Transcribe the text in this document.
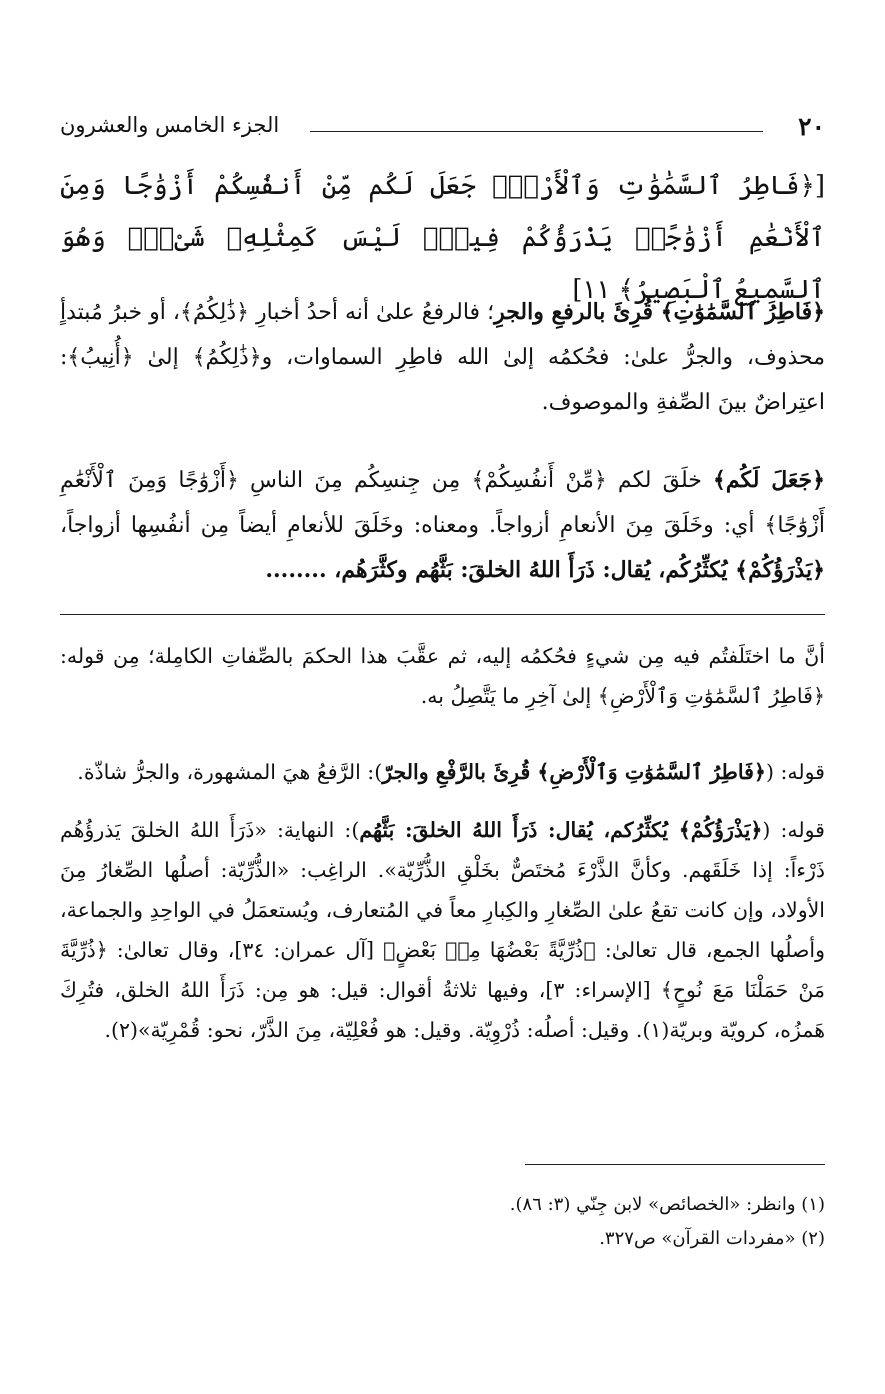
٢٠
الجزء الخامس والعشرون
[﴿فَاطِرُ ٱلسَّمَٰوَٰتِ وَٱلْأَرْضِۚ جَعَلَ لَكُم مِّنْ أَنفُسِكُمْ أَزْوَٰجًا وَمِنَ ٱلْأَنْعَٰمِ أَزْوَٰجًاۖ يَذْرَؤُكُمْ فِيهِۚ لَيْسَ كَمِثْلِهِۦ شَىْءٌۖ وَهُوَ ٱلسَّمِيعُ ٱلْبَصِيرُ﴾ ١١]
﴿فَاطِرُ ٱلسَّمَٰوَٰتِ﴾ قُرِئَ بالرفعِ والجرِ؛ فالرفعُ علىٰ أنه أحدُ أخبارِ ﴿ذَٰلِكُمُ﴾، أو خبرُ مُبتدأٍ محذوف، والجرُّ علىٰ: فحُكمُه إلىٰ الله فاطِرِ السماوات، و﴿ذَٰلِكُمُ﴾ إلىٰ ﴿أُنِيبُ﴾: اعتِراضٌ بينَ الصِّفةِ والموصوف.
﴿جَعَلَ لَكُم﴾ خلَقَ لكم ﴿مِّنْ أَنفُسِكُمْ﴾ مِن جِنسِكُم مِنَ الناسِ ﴿أَزْوَٰجًا وَمِنَ ٱلْأَنْعَٰمِ أَزْوَٰجًا﴾ أي: وخَلَقَ مِنَ الأنعامِ أزواجاً. ومعناه: وخَلَقَ للأنعامِ أيضاً مِن أنفُسِها أزواجاً، ﴿يَذْرَؤُكُمْ﴾ يُكثِّرُكُم، يُقال: ذَرَأَ اللهُ الخلقَ: بَثَّهُم وكثَّرَهُم، ........
أنَّ ما اختَلَفتُم فيه مِن شيءٍ فحُكمُه إليه، ثم عقَّبَ هذا الحكمَ بالصِّفاتِ الكامِلة؛ مِن قوله: ﴿فَاطِرُ ٱلسَّمَٰوَٰتِ وَٱلْأَرْضِ﴾ إلىٰ آخِرِ ما يَتَّصِلُ به.
قوله: (﴿فَاطِرُ ٱلسَّمَٰوَٰتِ وَٱلْأَرْضِ﴾ قُرِئَ بالرَّفْعِ والجرّ): الرَّفعُ هيَ المشهورة، والجرُّ شاذّة.
قوله: (﴿يَذْرَؤُكُمْ﴾ يُكثِّرُكم، يُقال: ذَرَأَ اللهُ الخلقَ: بَثَّهُم): النهاية: «ذَرَأَ اللهُ الخلقَ يَذرؤُهُم ذَرْءاً: إذا خَلَقَهم. وكأنَّ الذَّرْءَ مُختَصٌّ بخَلْقِ الذُّرِّيّة». الراغِب: «الذُّرِّيّة: أصلُها الصِّغارُ مِنَ الأولاد، وإن كانت تقعُ علىٰ الصِّغارِ والكِبارِ معاً في المُتعارف، ويُستعمَلُ في الواحِدِ والجماعة، وأصلُها الجمع، قال تعالىٰ: ﴿ذُرِّيَّةً بَعْضُهَا مِنۢ بَعْضٍ﴾ [آل عمران: ٣٤]، وقال تعالىٰ: ﴿ذُرِّيَّةَ مَنْ حَمَلْنَا مَعَ نُوحٍ﴾ [الإسراء: ٣]، وفيها ثلاثةُ أقوال: قيل: هو مِن: ذَرَأَ اللهُ الخلق، فتُرِكَ هَمزُه، كرويّة وبريّة(١). وقيل: أصلُه: ذُرْوِيّة. وقيل: هو فُعْلِيّة، مِنَ الذَّرّ، نحو: قُمْرِيّة»(٢).
(١) وانظر: «الخصائص» لابن جِنّي (٣: ٨٦).
(٢) «مفردات القرآن» ص٣٢٧.
